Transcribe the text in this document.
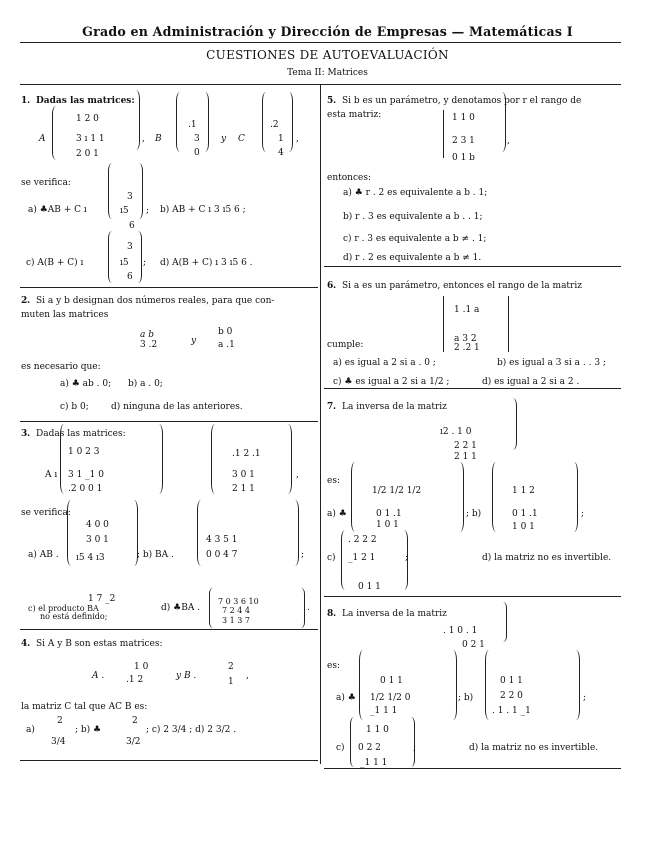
Grado en Administración y Dirección de Empresas — Matemáticas I
CUESTIONES DE AUTOEVALUACIÓN
Tema II: Matrices
1 . Dadas las matrices:
A
1 2 0
3 ı 1 1
2 0 1
, B
.1
3
0
y C
.2
1
4
,
se verifica:
3
a) ♣AB + C ı	ı5
6
; b) AB + C ı 3 ı5 6 ;
3
c) A(B + C) ı	ı5
6
; d) A(B + C) ı 3 ı5 6 .
2 . Si a y b designan dos números reales, para que con-
muten las matrices
a b
3 .2	y
b 0
a .1
es necesario que:
a) ♣ ab . 0; b) a . 0;
c) b 0; d) ninguna de las anteriores.
3 . Dadas las matrices:
1 0 2 3
A ı 3 1 _1 0
.2 0 0 1
.1 2 .1
3 0 1
2 1 1
,
se verifica:
4 0 0
3 0 1
a) AB . ı5 4 ı3	; b) BA .
4 3 5 1
0 0 4 7	;
1 7 _2
c) el producto BA
no está definido;
d) ♣BA .
7 0 3 6 10
7 2 4 4
3 1 3 7
.
4 . Si A y B son estas matrices:
A .
1 0
.1 2	y B .
2
1
,
la matriz C tal que AC B es:
a)
2
3/4
; b) ♣
2
3/2
; c) 2 3/4 ; d) 2 3/2 .
5 . Si b es un parámetro, y denotamos por r el rango de
esta matriz:	1 1 0
2 3 1
0 1 b
,
entonces:
a) ♣ r . 2 es equivalente a b . 1;
b) r . 3 es equivalente a b . . 1;
c) r . 3 es equivalente a b ≠ . 1;
d) r . 2 es equivalente a b ≠ 1.
6 . Si a es un parámetro, entonces el rango de la matriz
1 .1 a
a 3 2
2 .2 1
cumple:
a) es igual a 2 si a . 0 ;	b) es igual a 3 si a . . 3 ;
c) ♣ es igual a 2 si a 1/2 ;	d) es igual a 2 si a 2 .
7 . La inversa de la matriz
ı2 . 1 0
2 2 1
2 1 1
es:
a) ♣
1/2 1/2 1/2
0 1 .1
1 0 1
; b)
1 1 2
0 1 .1
1 0 1
;
c)
. 2 2 2
_1 2 1
0 1 1
;	d) la matriz no es invertible.
8 . La inversa de la matriz
. 1 0 . 1
0 2 1
es:
a) ♣
0 1 1
1/2 1/2 0
_1 1 1
; b)
0 1 1
2 2 0
. 1 . 1 _1
;
c)
1 1 0
0 2 2
_1 1 1
;	d) la matriz no es invertible.
